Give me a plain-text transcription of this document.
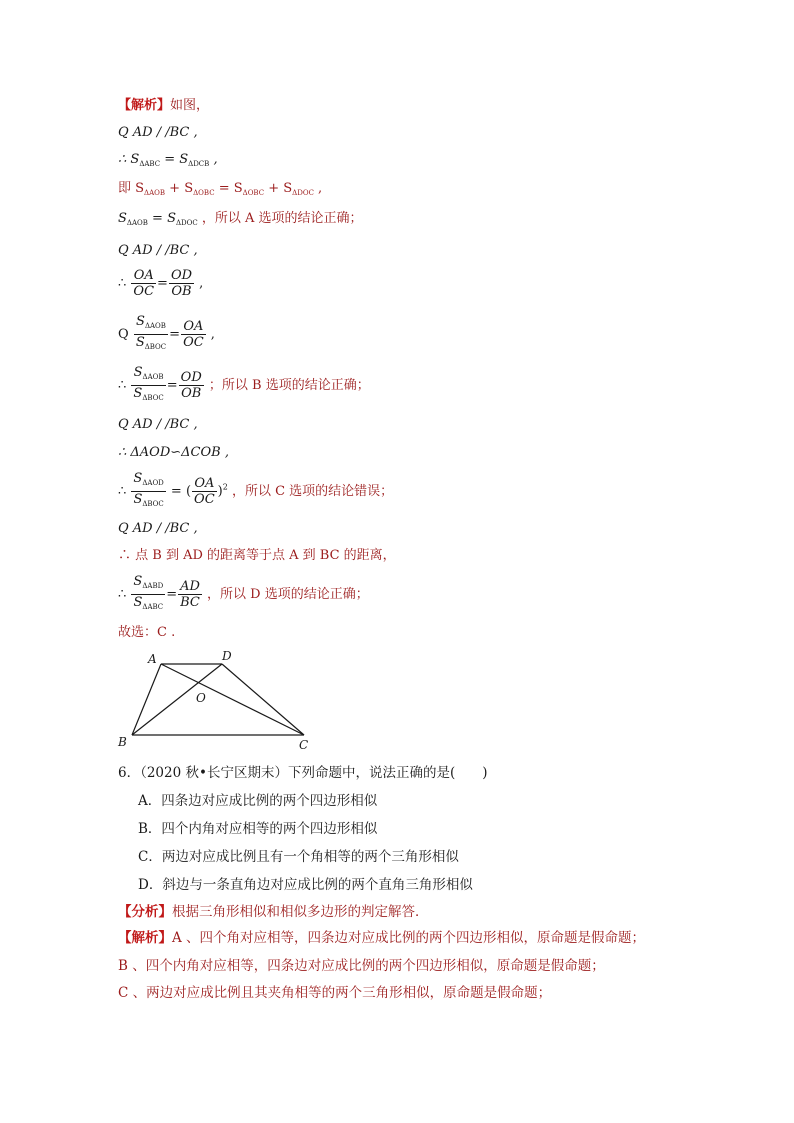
【解析】如图，
Q AD / /BC ,
∴ $S_{\Delta ABC} = S_{\Delta DCB}$ ,
即 $S_{\Delta AOB} + S_{\Delta OBC} = S_{\Delta OBC} + S_{\Delta DOC}$ ,
$S_{\Delta AOB} = S_{\Delta DOC}$ ，所以 A 选项的结论正确；
Q AD / /BC ,
∴ $\frac{OA}{OC} = \frac{OD}{OB}$ ,
Q $\frac{S_{\Delta AOB}}{S_{\Delta BOC}} = \frac{OA}{OC}$ ,
∴ $\frac{S_{\Delta AOB}}{S_{\Delta BOC}} = \frac{OD}{OB}$ ；所以 B 选项的结论正确；
Q AD / /BC ,
∴ ΔAOD∽ΔCOB ,
∴ $\frac{S_{\Delta AOD}}{S_{\Delta BOC}}$ = ( $\frac{OA}{OC} )^2$ ，所以 C 选项的结论错误；
Q AD / /BC ,
∴ 点 B 到 AD 的距离等于点 A 到 BC 的距离，
∴ $\frac{S_{\Delta ABD}}{S_{\Delta ABC}} = \frac{AD}{BC}$ ，所以 D 选项的结论正确；
故选：C .
A	D
O
B	C
6．（2020 秋•长宁区期末）下列命题中，说法正确的是(　　)
A．四条边对应成比例的两个四边形相似
B．四个内角对应相等的两个四边形相似
C．两边对应成比例且有一个角相等的两个三角形相似
D．斜边与一条直角边对应成比例的两个直角三角形相似
【分析】根据三角形相似和相似多边形的判定解答．
【解析】A 、四个角对应相等，四条边对应成比例的两个四边形相似，原命题是假命题；
B 、四个内角对应相等，四条边对应成比例的两个四边形相似，原命题是假命题；
C 、两边对应成比例且其夹角相等的两个三角形相似，原命题是假命题；
